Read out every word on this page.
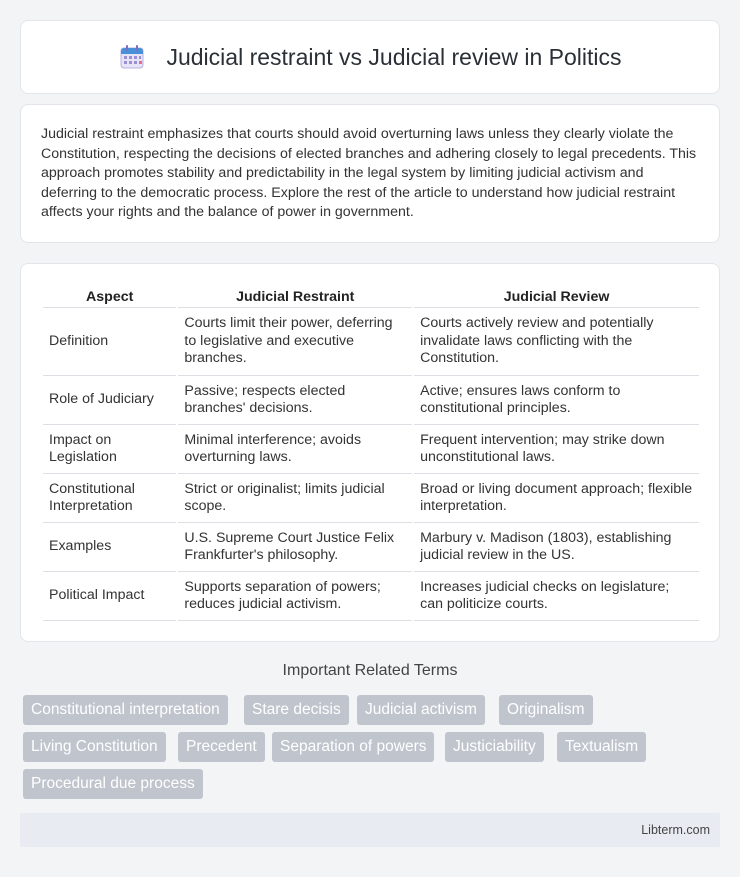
Judicial restraint vs Judicial review in Politics

Judicial restraint emphasizes that courts should avoid overturning laws unless they clearly violate the Constitution, respecting the decisions of elected branches and adhering closely to legal precedents. This approach promotes stability and predictability in the legal system by limiting judicial activism and deferring to the democratic process. Explore the rest of the article to understand how judicial restraint affects your rights and the balance of power in government.

Aspect	Judicial Restraint	Judicial Review
Definition	Courts limit their power, deferring to legislative and executive branches.	Courts actively review and potentially invalidate laws conflicting with the Constitution.
Role of Judiciary	Passive; respects elected branches' decisions.	Active; ensures laws conform to constitutional principles.
Impact on Legislation	Minimal interference; avoids overturning laws.	Frequent intervention; may strike down unconstitutional laws.
Constitutional Interpretation	Strict or originalist; limits judicial scope.	Broad or living document approach; flexible interpretation.
Examples	U.S. Supreme Court Justice Felix Frankfurter's philosophy.	Marbury v. Madison (1803), establishing judicial review in the US.
Political Impact	Supports separation of powers; reduces judicial activism.	Increases judicial checks on legislature; can politicize courts.
Important Related Terms
Constitutional interpretation	Stare decisis	Judicial activism	Originalism
Living Constitution	Precedent	Separation of powers	Justiciability	Textualism
Procedural due process
Libterm.com
